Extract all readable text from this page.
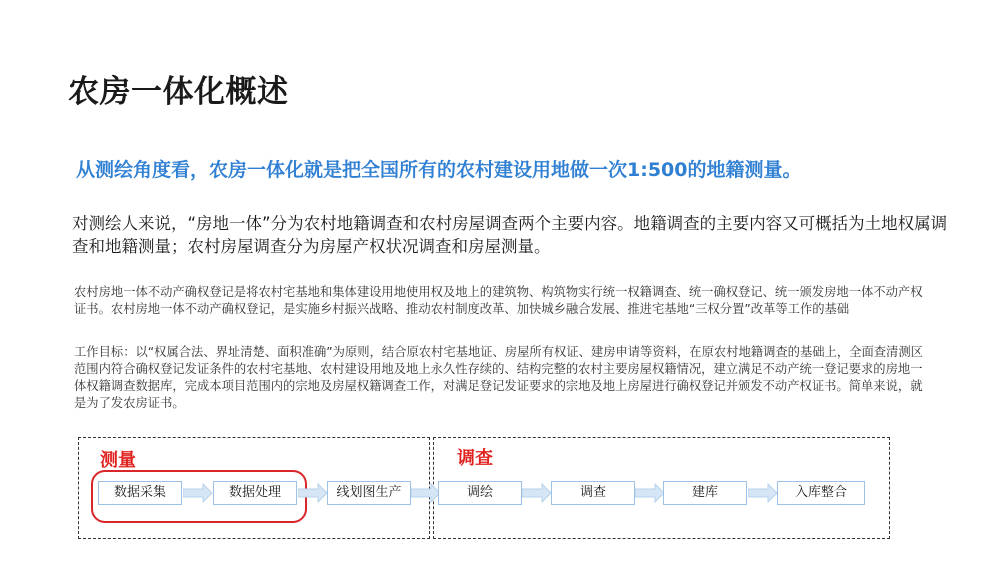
农房一体化概述
从测绘角度看，农房一体化就是把全国所有的农村建设用地做一次1:500的地籍测量。
对测绘人来说，“房地一体”分为农村地籍调查和农村房屋调查两个主要内容。地籍调查的主要内容又可概括为土地权属调查和地籍测量；农村房屋调查分为房屋产权状况调查和房屋测量。
农村房地一体不动产确权登记是将农村宅基地和集体建设用地使用权及地上的建筑物、构筑物实行统一权籍调查、统一确权登记、统一颁发房地一体不动产权证书。农村房地一体不动产确权登记，是实施乡村振兴战略、推动农村制度改革、加快城乡融合发展、推进宅基地“三权分置”改革等工作的基础
工作目标：以“权属合法、界址清楚、面积准确”为原则，结合原农村宅基地证、房屋所有权证、建房申请等资料，在原农村地籍调查的基础上，全面查清测区范围内符合确权登记发证条件的农村宅基地、农村建设用地及地上永久性存续的、结构完整的农村主要房屋权籍情况，建立满足不动产统一登记要求的房地一体权籍调查数据库，完成本项目范围内的宗地及房屋权籍调查工作，对满足登记发证要求的宗地及地上房屋进行确权登记并颁发不动产权证书。简单来说，就是为了发农房证书。
测量	调查
数据采集	数据处理	线划图生产	调绘	调查	建库	入库整合
